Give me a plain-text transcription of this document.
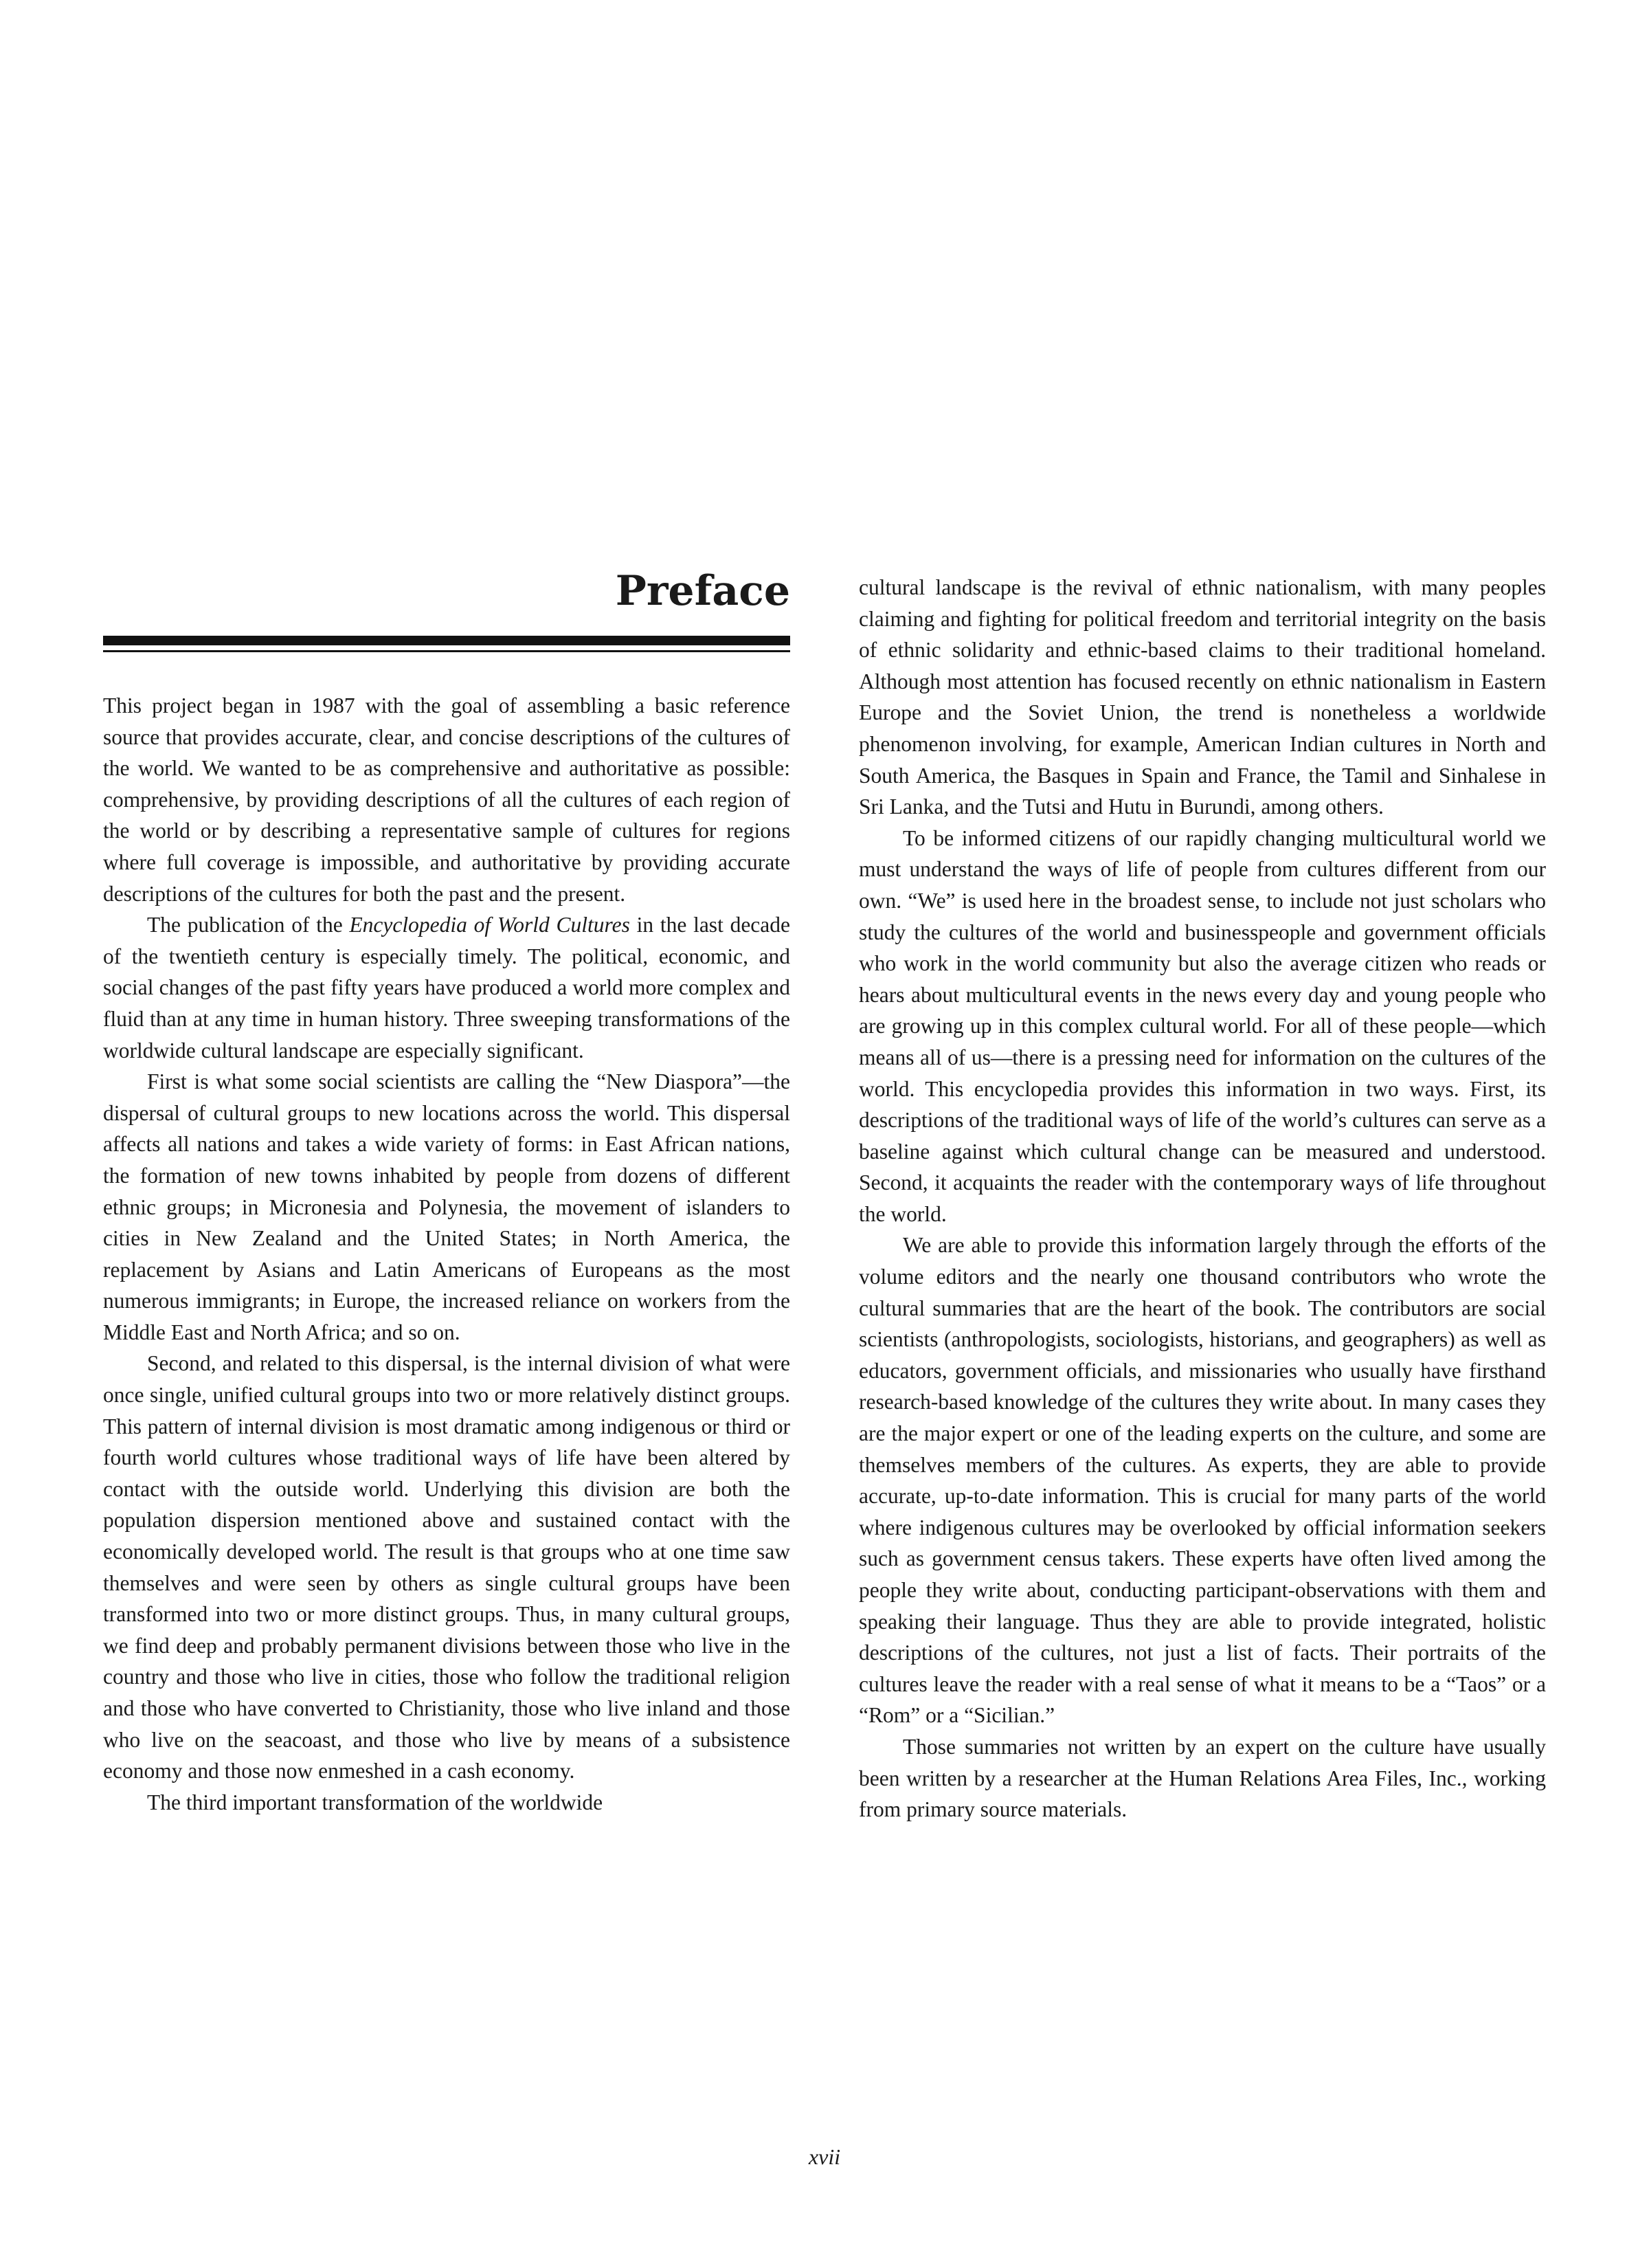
Preface

This project began in 1987 with the goal of assembling a basic reference source that provides accurate, clear, and concise descriptions of the cultures of the world. We wanted to be as comprehensive and authoritative as possible: comprehensive, by providing descriptions of all the cultures of each region of the world or by describing a representative sample of cultures for regions where full coverage is impossible, and authoritative by providing accurate descriptions of the cultures for both the past and the present.

The publication of the Encyclopedia of World Cultures in the last decade of the twentieth century is especially timely. The political, economic, and social changes of the past fifty years have produced a world more complex and fluid than at any time in human history. Three sweeping transformations of the worldwide cultural landscape are especially significant.

First is what some social scientists are calling the “New Diaspora”—the dispersal of cultural groups to new locations across the world. This dispersal affects all nations and takes a wide variety of forms: in East African nations, the formation of new towns inhabited by people from dozens of different ethnic groups; in Micronesia and Polynesia, the movement of islanders to cities in New Zealand and the United States; in North America, the replacement by Asians and Latin Americans of Europeans as the most numerous immigrants; in Europe, the increased reliance on workers from the Middle East and North Africa; and so on.

Second, and related to this dispersal, is the internal division of what were once single, unified cultural groups into two or more relatively distinct groups. This pattern of internal division is most dramatic among indigenous or third or fourth world cultures whose traditional ways of life have been altered by contact with the outside world. Underlying this division are both the population dispersion mentioned above and sustained contact with the economically developed world. The result is that groups who at one time saw themselves and were seen by others as single cultural groups have been transformed into two or more distinct groups. Thus, in many cultural groups, we find deep and probably permanent divisions between those who live in the country and those who live in cities, those who follow the traditional religion and those who have converted to Christianity, those who live inland and those who live on the seacoast, and those who live by means of a subsistence economy and those now enmeshed in a cash economy.

The third important transformation of the worldwide

cultural landscape is the revival of ethnic nationalism, with many peoples claiming and fighting for political freedom and territorial integrity on the basis of ethnic solidarity and ethnic-based claims to their traditional homeland. Although most attention has focused recently on ethnic nationalism in Eastern Europe and the Soviet Union, the trend is nonetheless a worldwide phenomenon involving, for example, American Indian cultures in North and South America, the Basques in Spain and France, the Tamil and Sinhalese in Sri Lanka, and the Tutsi and Hutu in Burundi, among others.

To be informed citizens of our rapidly changing multicultural world we must understand the ways of life of people from cultures different from our own. “We” is used here in the broadest sense, to include not just scholars who study the cultures of the world and businesspeople and government officials who work in the world community but also the average citizen who reads or hears about multicultural events in the news every day and young people who are growing up in this complex cultural world. For all of these people—which means all of us—there is a pressing need for information on the cultures of the world. This encyclopedia provides this information in two ways. First, its descriptions of the traditional ways of life of the world’s cultures can serve as a baseline against which cultural change can be measured and understood. Second, it acquaints the reader with the contemporary ways of life throughout the world.

We are able to provide this information largely through the efforts of the volume editors and the nearly one thousand contributors who wrote the cultural summaries that are the heart of the book. The contributors are social scientists (anthropologists, sociologists, historians, and geographers) as well as educators, government officials, and missionaries who usually have firsthand research-based knowledge of the cultures they write about. In many cases they are the major expert or one of the leading experts on the culture, and some are themselves members of the cultures. As experts, they are able to provide accurate, up-to-date information. This is crucial for many parts of the world where indigenous cultures may be overlooked by official information seekers such as government census takers. These experts have often lived among the people they write about, conducting participant-observations with them and speaking their language. Thus they are able to provide integrated, holistic descriptions of the cultures, not just a list of facts. Their portraits of the cultures leave the reader with a real sense of what it means to be a “Taos” or a “Rom” or a “Sicilian.”

Those summaries not written by an expert on the culture have usually been written by a researcher at the Human Relations Area Files, Inc., working from primary source materials.

xvii
